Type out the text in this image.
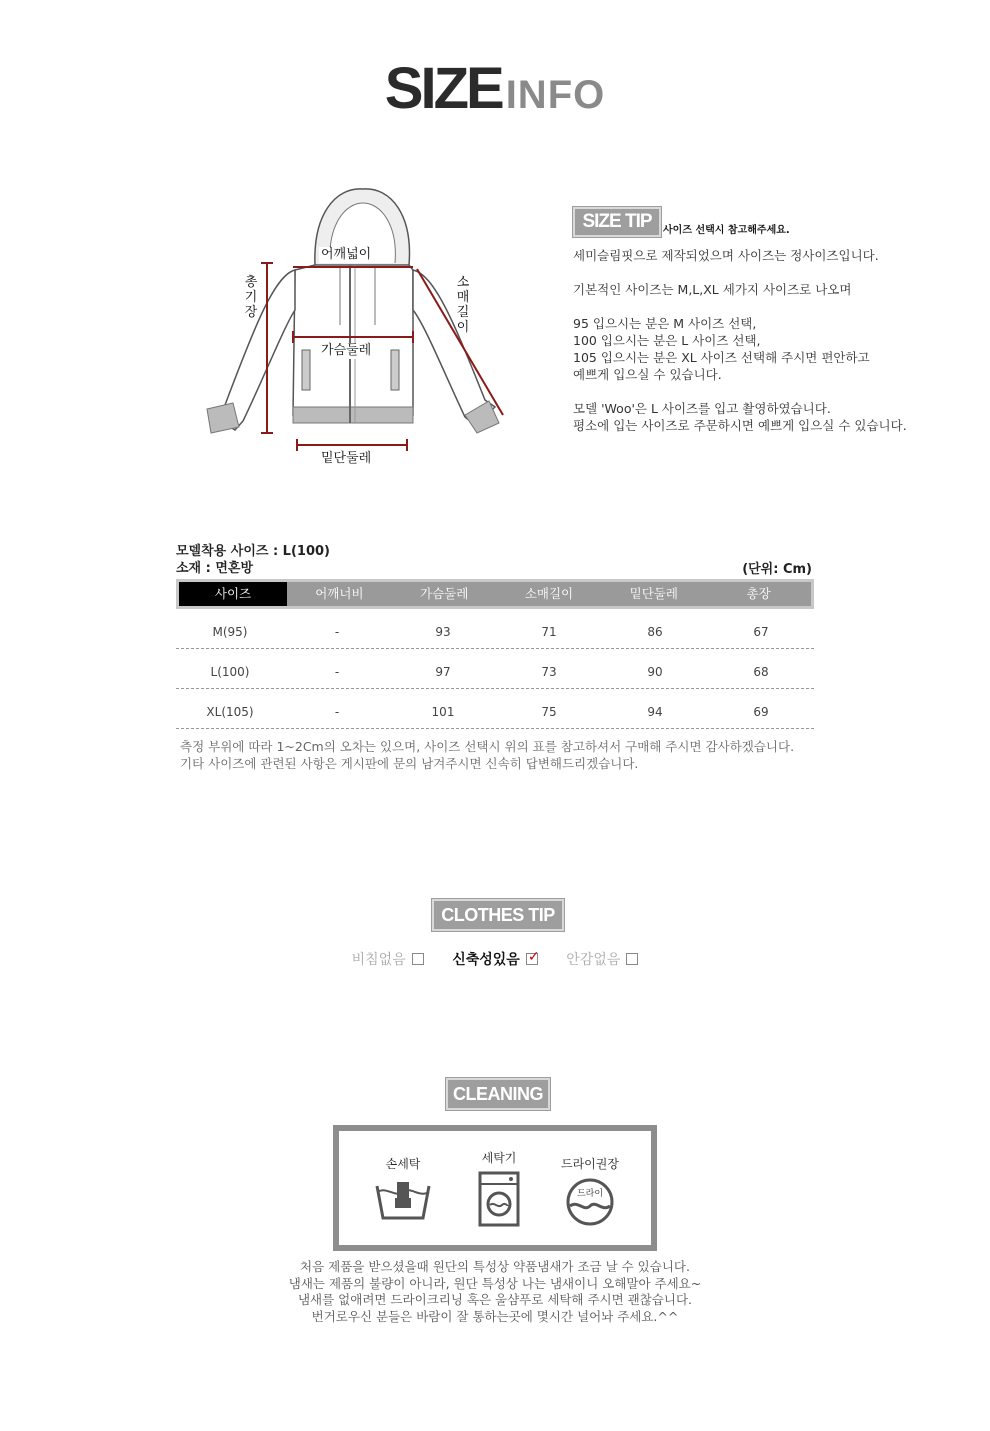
SIZE INFO
어깨넓이
가슴둘레
밑단둘레
총기장
소매길이
SIZE TIP	사이즈 선택시 참고해주세요.

세미슬림핏으로 제작되었으며 사이즈는 정사이즈입니다.

기본적인 사이즈는 M,L,XL 세가지 사이즈로 나오며

95 입으시는 분은 M 사이즈 선택,
100 입으시는 분은 L 사이즈 선택,
105 입으시는 분은 XL 사이즈 선택해 주시면 편안하고
예쁘게 입으실 수 있습니다.

모델 'Woo'은 L 사이즈를 입고 촬영하였습니다.
평소에 입는 사이즈로 주문하시면 예쁘게 입으실 수 있습니다.

모델착용 사이즈 : L(100)
소재 : 면혼방	(단위: Cm)
사이즈	어깨너비	가슴둘레	소매길이	밑단둘레	총장
M(95)	-	93	71	86	67
L(100)	-	97	73	90	68
XL(105)	-	101	75	94	69
측정 부위에 따라 1~2Cm의 오차는 있으며, 사이즈 선택시 위의 표를 참고하셔서 구매해 주시면 감사하겠습니다.
기타 사이즈에 관련된 사항은 게시판에 문의 남겨주시면 신속히 답변해드리겠습니다.
CLOTHES TIP
비침없음	신축성있음 ✓ 안감없음
CLEANING
손세탁	세탁기	드라이권장
드라이
처음 제품을 받으셨을때 원단의 특성상 약품냄새가 조금 날 수 있습니다.
냄새는 제품의 불량이 아니라, 원단 특성상 나는 냄새이니 오해말아 주세요~
냄새를 없애려면 드라이크리닝 혹은 울샴푸로 세탁해 주시면 괜찮습니다.
번거로우신 분들은 바람이 잘 통하는곳에 몇시간 널어놔 주세요.^^
